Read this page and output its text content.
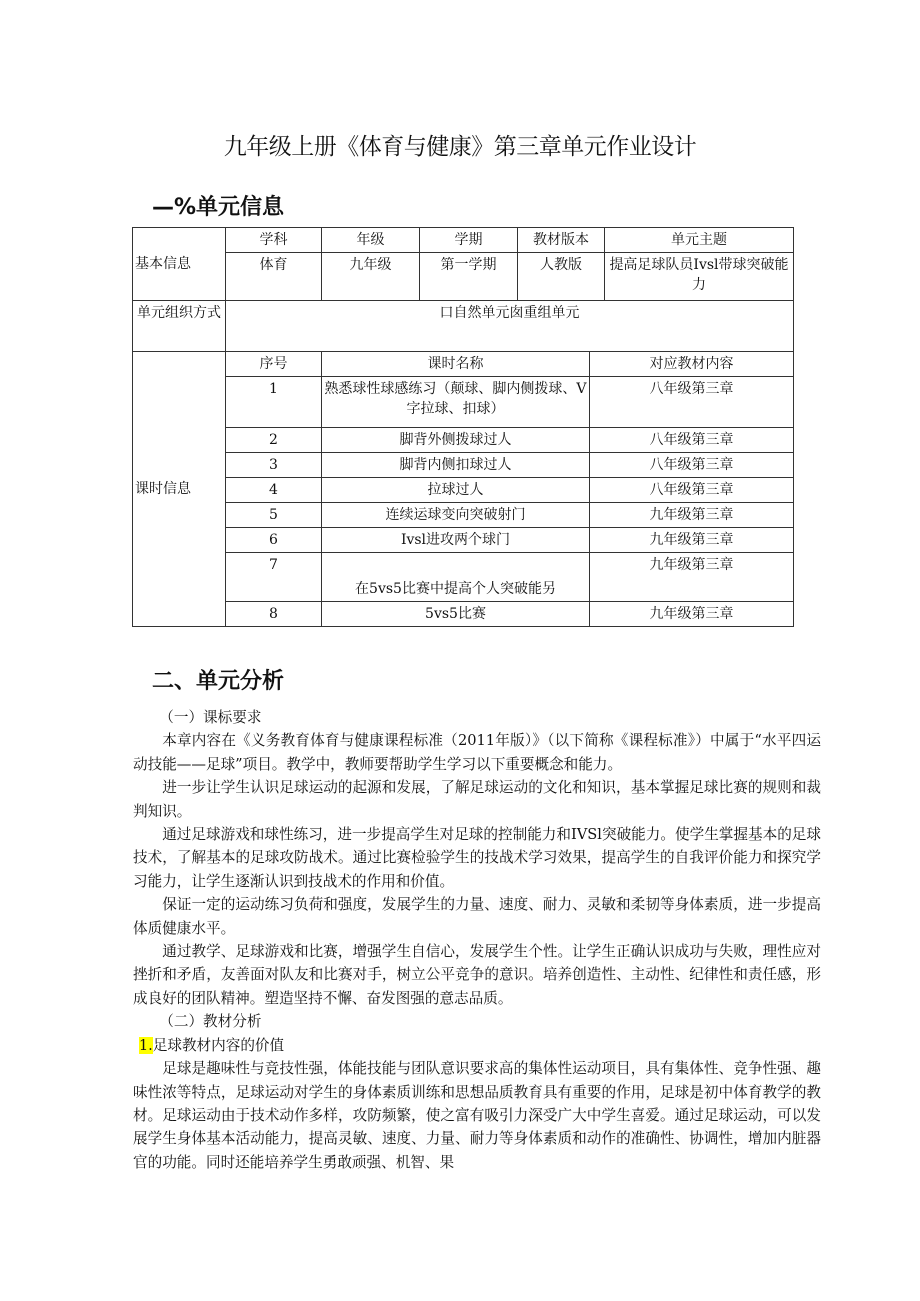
九年级上册《体育与健康》第三章单元作业设计
—%单元信息
基本信息	学科	年级	学期	教材版本		单元主题
	体育	九年级	第一学期	人教版		提高足球队员Ivsl带球突破能力
单元组织方式	口自然单元囱重组单元					
课时信息	序号	课时名称			对应教材内容	
	1	熟悉球性球感练习（颠球、脚内侧拨球、V字拉球、扣球）			八年级第三章	
	2	脚背外侧拨球过人			八年级第三章	
	3	脚背内侧扣球过人			八年级第三章	
	4	拉球过人			八年级第三章	
	5	连续运球变向突破射门			九年级第三章	
	6	Ivsl进攻两个球门			九年级第三章	
	7	在5vs5比赛中提高个人突破能另			九年级第三章	
	8	5vs5比赛			九年级第三章	
二、单元分析

（一）课标要求

本章内容在《义务教育体育与健康课程标准（2011年版）》（以下简称《课程标准》）中属于“水平四运动技能——足球”项目。教学中，教师要帮助学生学习以下重要概念和能力。

进一步让学生认识足球运动的起源和发展，了解足球运动的文化和知识，基本掌握足球比赛的规则和裁判知识。

通过足球游戏和球性练习，进一步提高学生对足球的控制能力和IVSl突破能力。使学生掌握基本的足球技术，了解基本的足球攻防战术。通过比赛检验学生的技战术学习效果，提高学生的自我评价能力和探究学习能力，让学生逐渐认识到技战术的作用和价值。

保证一定的运动练习负荷和强度，发展学生的力量、速度、耐力、灵敏和柔韧等身体素质，进一步提高体质健康水平。

通过教学、足球游戏和比赛，增强学生自信心，发展学生个性。让学生正确认识成功与失败，理性应对挫折和矛盾，友善面对队友和比赛对手，树立公平竞争的意识。培养创造性、主动性、纪律性和责任感，形成良好的团队精神。塑造坚持不懈、奋发图强的意志品质。

（二）教材分析

1.足球教材内容的价值

足球是趣味性与竞技性强，体能技能与团队意识要求高的集体性运动项目，具有集体性、竞争性强、趣味性浓等特点，足球运动对学生的身体素质训练和思想品质教育具有重要的作用，足球是初中体育教学的教材。足球运动由于技术动作多样，攻防频繁，使之富有吸引力深受广大中学生喜爱。通过足球运动，可以发展学生身体基本活动能力，提高灵敏、速度、力量、耐力等身体素质和动作的准确性、协调性，增加内脏器官的功能。同时还能培养学生勇敢顽强、机智、果
